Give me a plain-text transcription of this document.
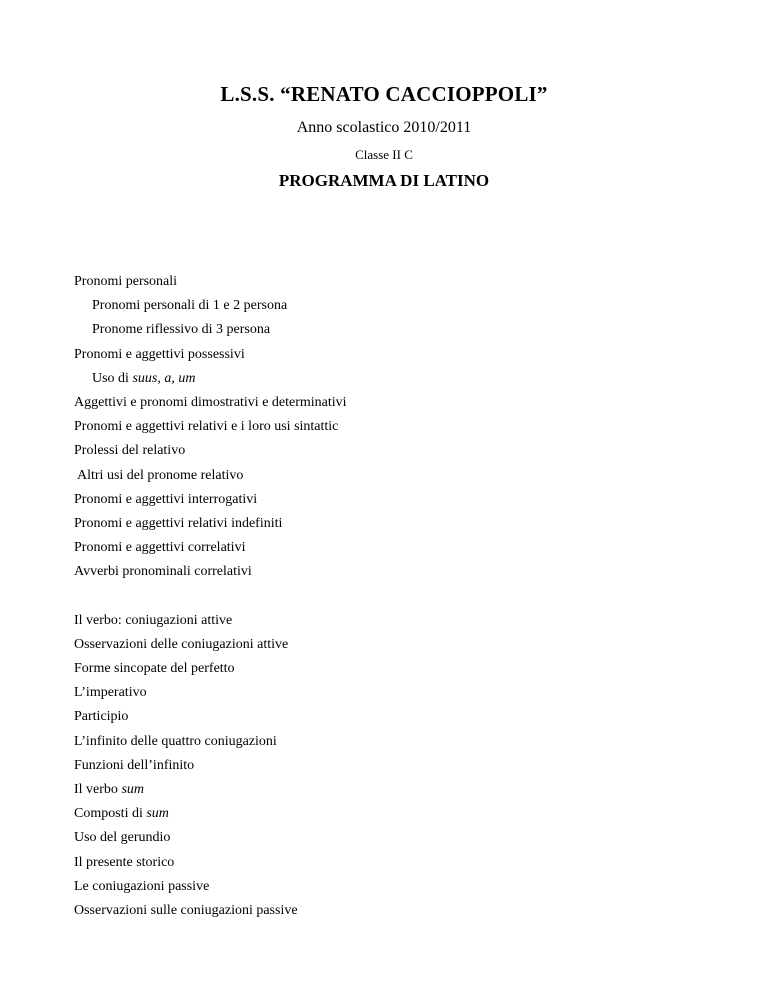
L.S.S. “RENATO CACCIOPPOLI”
Anno scolastico 2010/2011
Classe II C
PROGRAMMA DI LATINO
Pronomi personali
Pronomi personali di 1 e 2 persona
Pronome riflessivo di 3 persona
Pronomi e aggettivi possessivi
Uso di suus, a, um
Aggettivi e pronomi dimostrativi e determinativi
Pronomi e aggettivi relativi e i loro usi sintattic
Prolessi del relativo
Altri usi del pronome relativo
Pronomi e aggettivi interrogativi
Pronomi e aggettivi relativi indefiniti
Pronomi e aggettivi correlativi
Avverbi pronominali correlativi
Il verbo: coniugazioni attive
Osservazioni delle coniugazioni attive
Forme sincopate del perfetto
L’imperativo
Participio
L’infinito delle quattro coniugazioni
Funzioni dell’infinito
Il verbo sum
Composti di sum
Uso del gerundio
Il presente storico
Le coniugazioni passive
Osservazioni sulle coniugazioni passive
